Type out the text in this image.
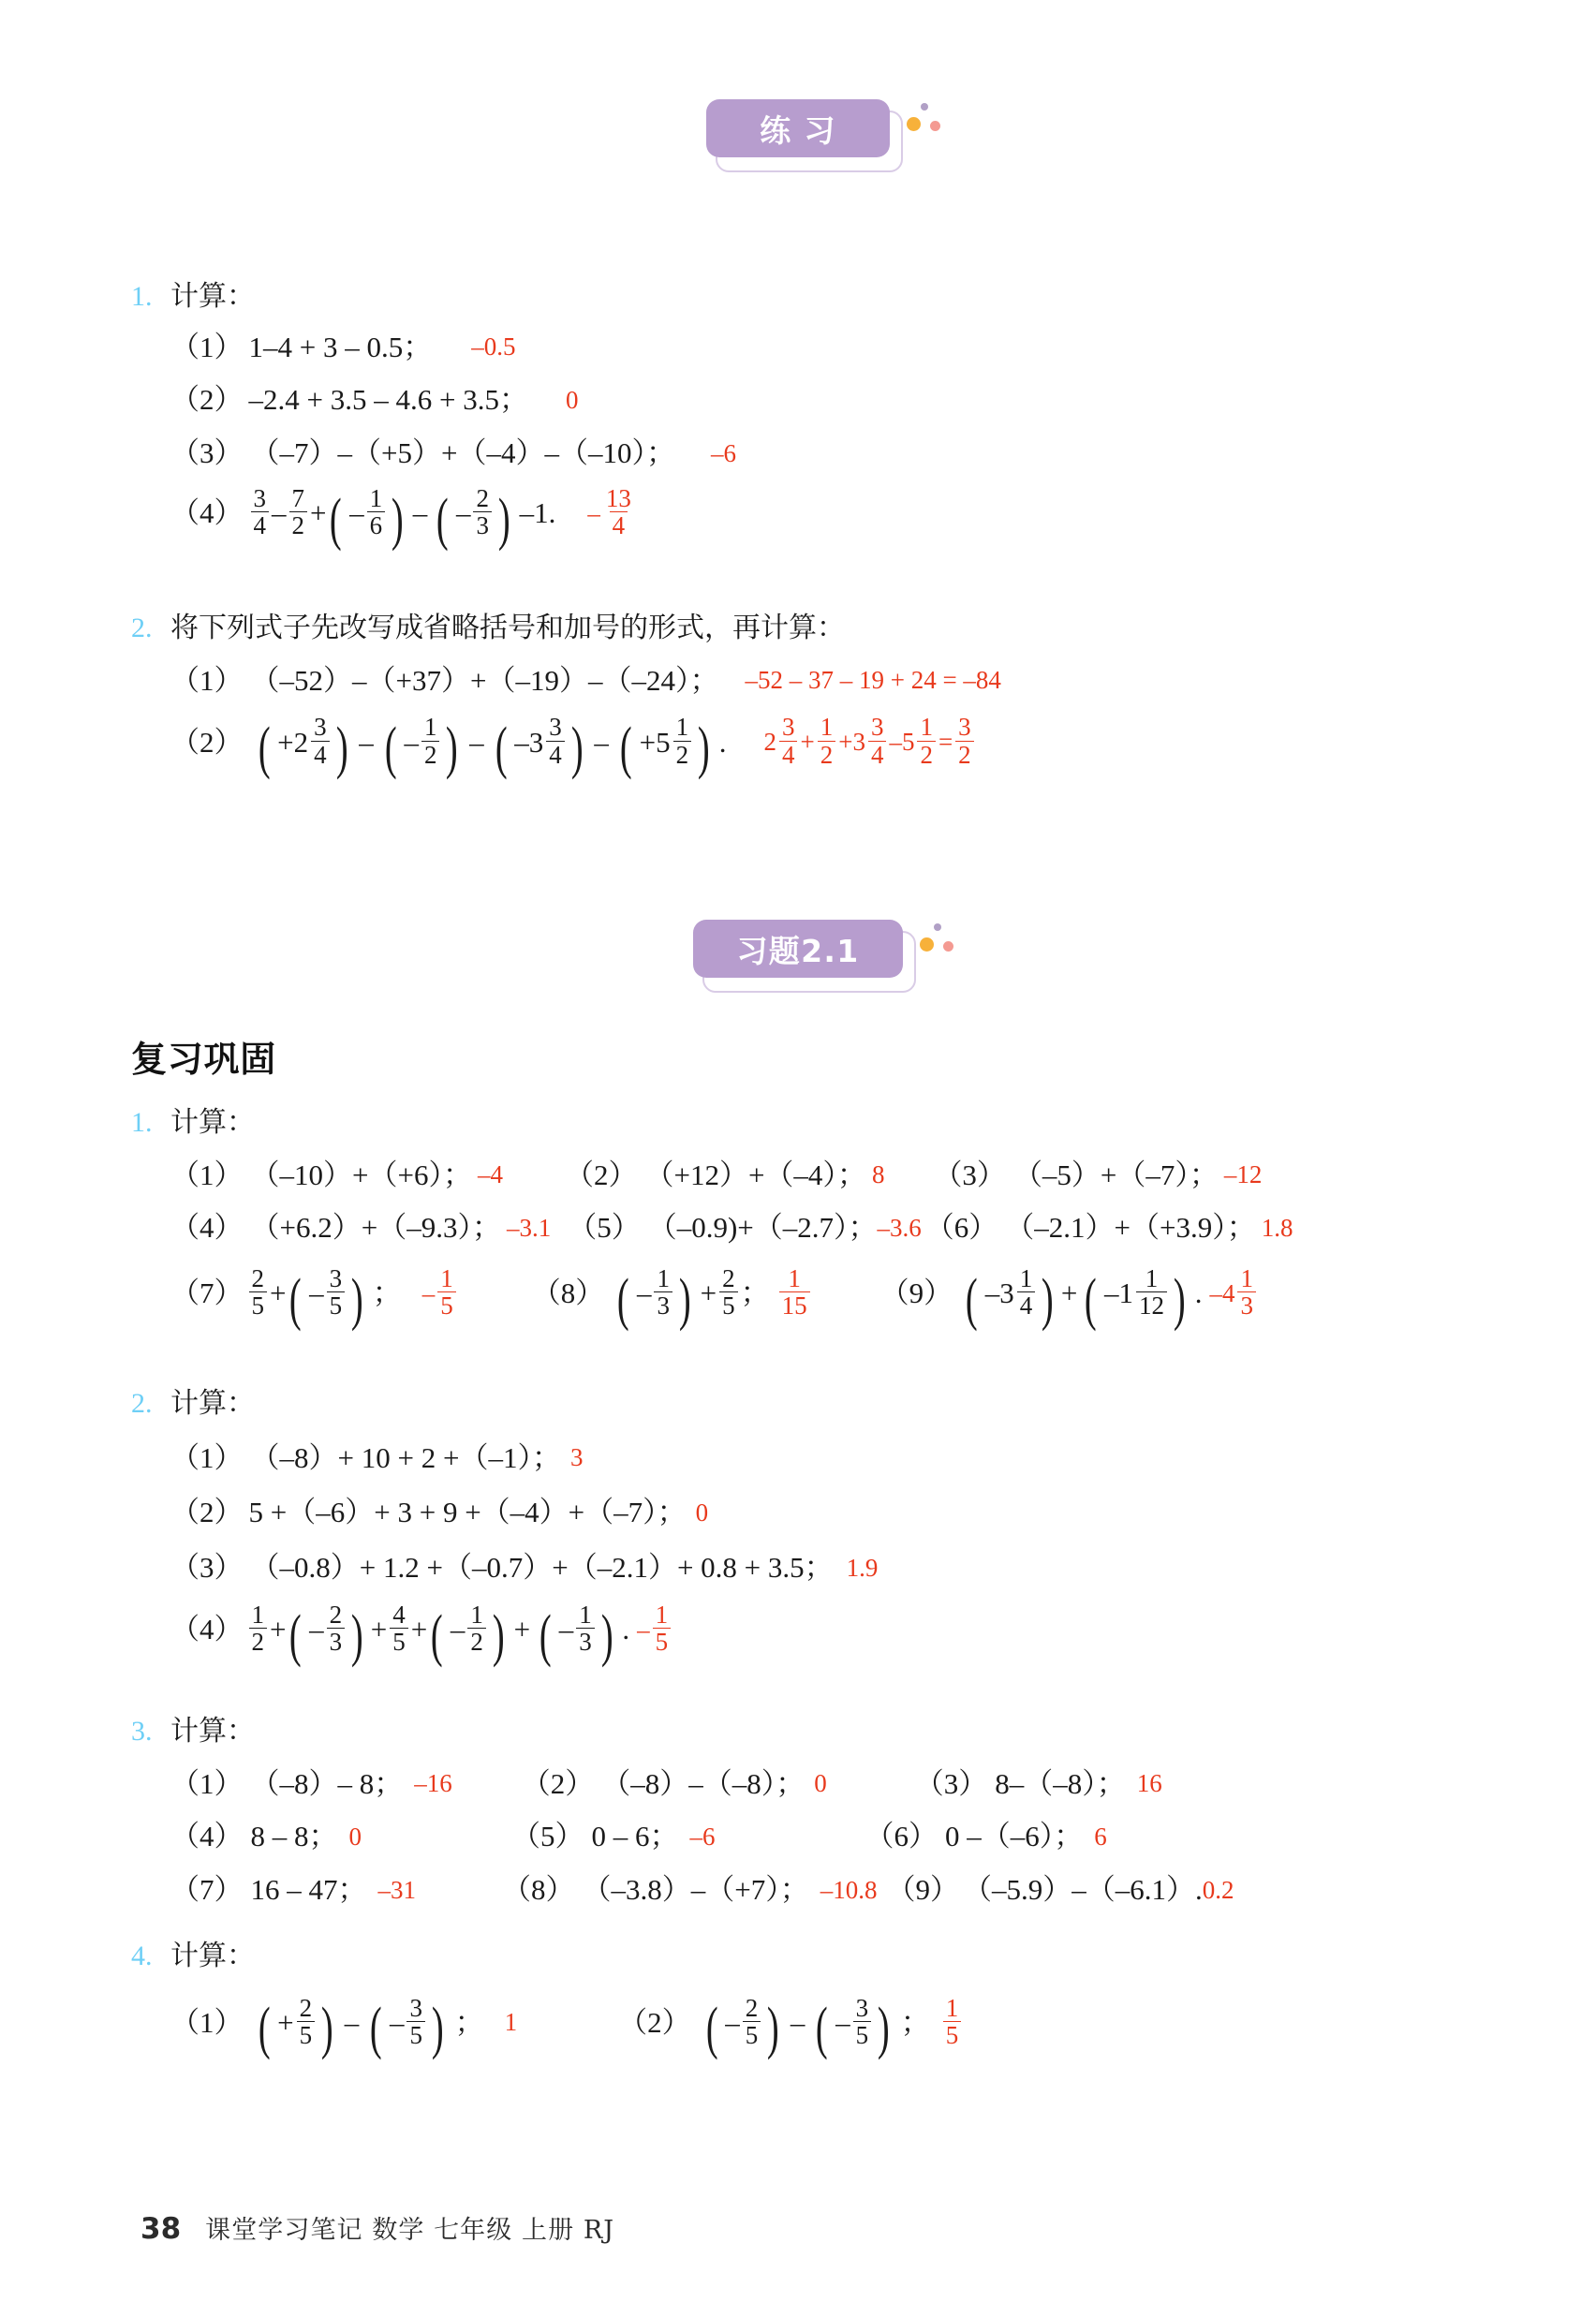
练 习
1. 计算：
（1） 1–4 + 3 – 0.5； –0.5
（2） –2.4 + 3.5 – 4.6 + 3.5； 0
（3） （–7）–（+5）+（–4）–（–10）； –6
$(4) \frac{3}{4} - \frac{7}{2}$ + ( – $\frac{1}{6}$ ) – ( – $\frac{2}{3}$ ) –1. – $\frac{13}{4}$
2. 将下列式子先改写成省略括号和加号的形式，再计算：
（1） （–52）–（+37）+（–19）–（–24）； –52 – 37 – 19 + 24 = –84
（2） ( + $2 \frac{3}{4}$ ) – ( – $\frac{1}{2}$ ) – ( – $3 \frac{3}{4}$ ) – ( + $5 \frac{1}{2}$ ) . $2 \frac{3}{4} + \frac{1}{2} + 3 \frac{3}{4} - 5 \frac{1}{2} = \frac{3}{2}$
习题2.1
复习巩固
1. 计算：
（1） （–10）+（+6）； –4 （2） （+12）+（–4）； 8 （3） （–5）+（–7）； –12
（4） （+6.2）+（–9.3）； –3.1 （5） （–0.9)+（–2.7）； –3.6 （6） （–2.1）+（+3.9）； 1.8
$(7) \frac{2}{5}$ + ( – $\frac{3}{5}$ ) ； – $\frac{1}{5}$	（8） ( – $\frac{1}{3}$ ) + $\frac{2}{5}$ ； $\frac{1}{15} (9)$ ( – $3 \frac{1}{4}$ ) + ( – $1 \frac{1}{12}$ ) . – $4 \frac{1}{3}$
2. 计算：
（1） （–8）+ 10 + 2 +（–1）； 3
（2） 5 +（–6）+ 3 + 9 +（–4）+（–7）； 0
（3） （–0.8）+ 1.2 +（–0.7）+（–2.1）+ 0.8 + 3.5； 1.9
$(4) \frac{1}{2}$ + ( – $\frac{2}{3}$ ) + $\frac{4}{5}$ + ( – $\frac{1}{2}$ ) + ( – $\frac{1}{3}$ ) . – $\frac{1}{5}$
3. 计算：
（1） （–8）– 8； –16 （2） （–8）–（–8）； 0	（3） 8–（–8）； 16
（4） 8 – 8； 0	（5） 0 – 6； –6	（6） 0 –（–6）； 6
（7） 16 – 47； –31	（8） （–3.8）–（+7）； –10.8 （9） （–5.9）–（–6.1）. 0.2
4. 计算：
（1） ( + $\frac{2}{5}$ ) – ( – $\frac{3}{5}$ ) ； 1	（2） ( – $\frac{2}{5}$ ) – ( – $\frac{3}{5}$ ) ； $\frac{1}{5}$
38 课堂学习笔记 数学 七年级 上册 RJ
